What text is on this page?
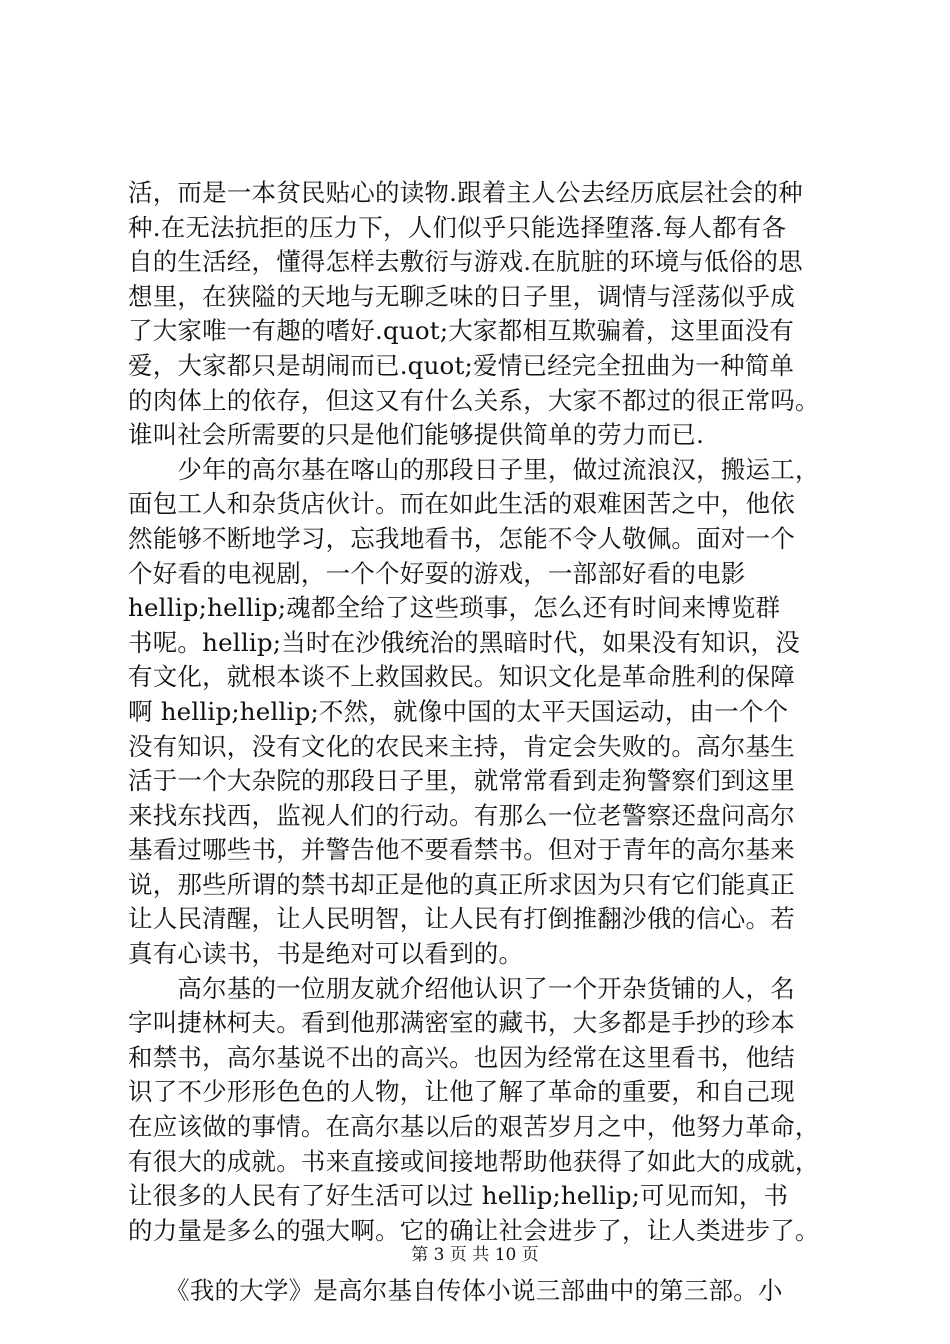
活，而是一本贫民贴心的读物.跟着主人公去经历底层社会的种
种.在无法抗拒的压力下，人们似乎只能选择堕落.每人都有各
自的生活经，懂得怎样去敷衍与游戏.在肮脏的环境与低俗的思
想里，在狭隘的天地与无聊乏味的日子里，调情与淫荡似乎成
了大家唯一有趣的嗜好.quot;大家都相互欺骗着，这里面没有
爱，大家都只是胡闹而已.quot;爱情已经完全扭曲为一种简单
的肉体上的依存，但这又有什么关系，大家不都过的很正常吗。
谁叫社会所需要的只是他们能够提供简单的劳力而已.
　　少年的高尔基在喀山的那段日子里，做过流浪汉，搬运工，
面包工人和杂货店伙计。而在如此生活的艰难困苦之中，他依
然能够不断地学习，忘我地看书，怎能不令人敬佩。面对一个
个好看的电视剧，一个个好耍的游戏，一部部好看的电影
hellip;hellip;魂都全给了这些琐事，怎么还有时间来博览群
书呢。hellip;当时在沙俄统治的黑暗时代，如果没有知识，没
有文化，就根本谈不上救国救民。知识文化是革命胜利的保障
啊 hellip;hellip;不然，就像中国的太平天国运动，由一个个
没有知识，没有文化的农民来主持，肯定会失败的。高尔基生
活于一个大杂院的那段日子里，就常常看到走狗警察们到这里
来找东找西，监视人们的行动。有那么一位老警察还盘问高尔
基看过哪些书，并警告他不要看禁书。但对于青年的高尔基来
说，那些所谓的禁书却正是他的真正所求因为只有它们能真正
让人民清醒，让人民明智，让人民有打倒推翻沙俄的信心。若
真有心读书，书是绝对可以看到的。
　　高尔基的一位朋友就介绍他认识了一个开杂货铺的人，名
字叫捷林柯夫。看到他那满密室的藏书，大多都是手抄的珍本
和禁书，高尔基说不出的高兴。也因为经常在这里看书，他结
识了不少形形色色的人物，让他了解了革命的重要，和自己现
在应该做的事情。在高尔基以后的艰苦岁月之中，他努力革命，
有很大的成就。书来直接或间接地帮助他获得了如此大的成就，
让很多的人民有了好生活可以过 hellip;hellip;可见而知，书
的力量是多么的强大啊。它的确让社会进步了，让人类进步了。
　　《我的大学》是高尔基自传体小说三部曲中的第三部。小
第 3 页 共 10 页
